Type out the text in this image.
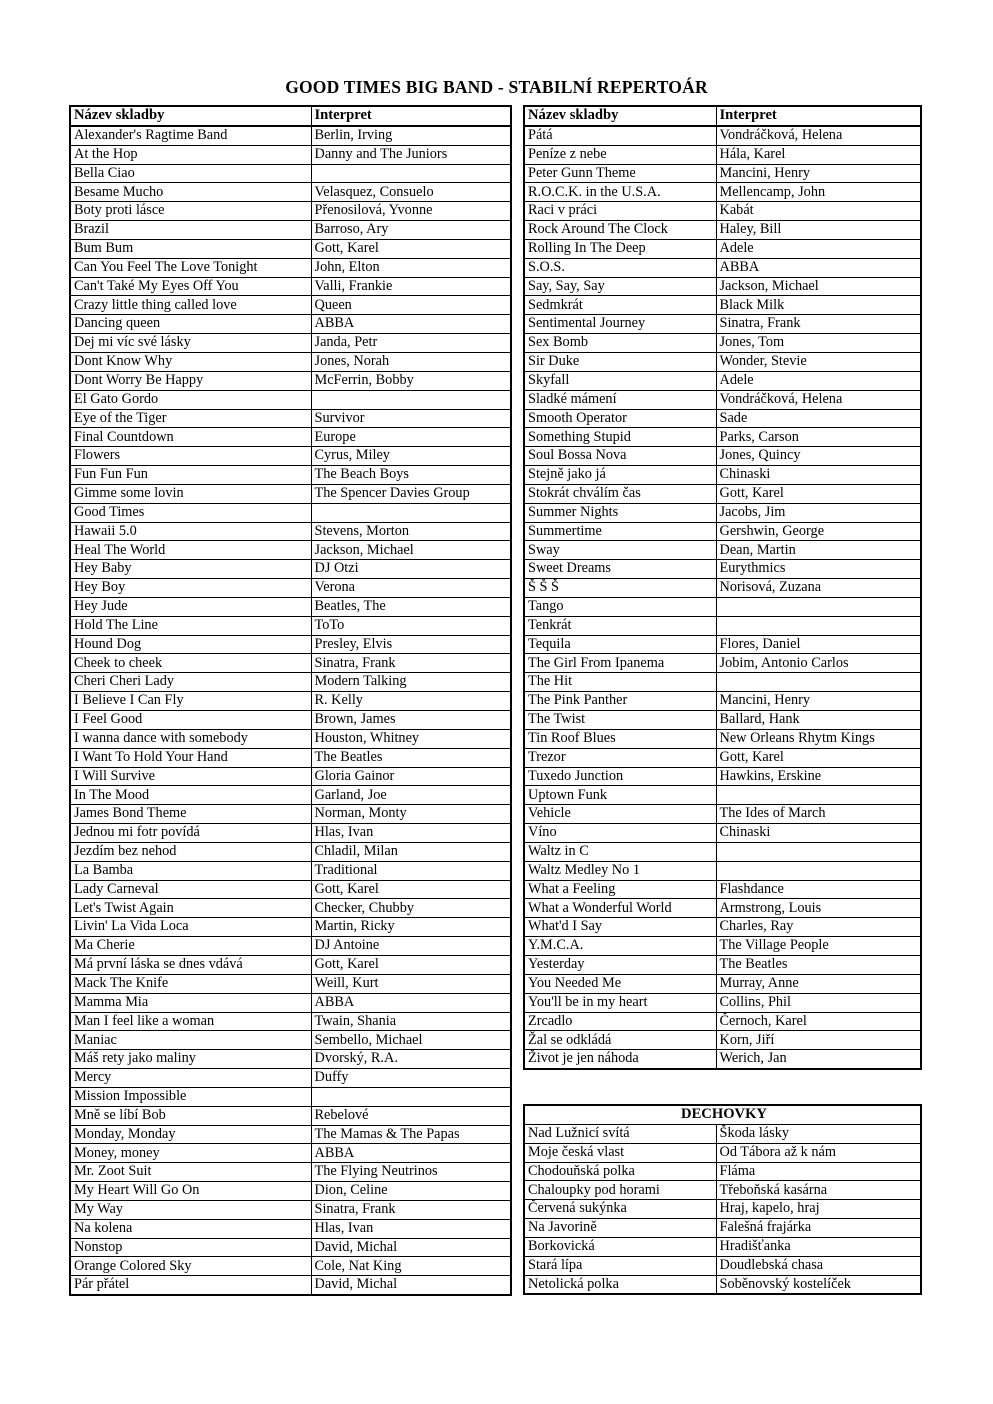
GOOD TIMES BIG BAND - STABILNÍ REPERTOÁR
Název skladby	Interpret
Alexander's Ragtime Band	Berlin, Irving
At the Hop	Danny and The Juniors
Bella Ciao	
Besame Mucho	Velasquez, Consuelo
Boty proti lásce	Přenosilová, Yvonne
Brazil	Barroso, Ary
Bum Bum	Gott, Karel
Can You Feel The Love Tonight	John, Elton
Can't Také My Eyes Off You	Valli, Frankie
Crazy little thing called love	Queen
Dancing queen	ABBA
Dej mi víc své lásky	Janda, Petr
Dont Know Why	Jones, Norah
Dont Worry Be Happy	McFerrin, Bobby
El Gato Gordo	
Eye of the Tiger	Survivor
Final Countdown	Europe
Flowers	Cyrus, Miley
Fun Fun Fun	The Beach Boys
Gimme some lovin	The Spencer Davies Group
Good Times	
Hawaii 5.0	Stevens, Morton
Heal The World	Jackson, Michael
Hey Baby	DJ Otzi
Hey Boy	Verona
Hey Jude	Beatles, The
Hold The Line	ToTo
Hound Dog	Presley, Elvis
Cheek to cheek	Sinatra, Frank
Cheri Cheri Lady	Modern Talking
I Believe I Can Fly	R. Kelly
I Feel Good	Brown, James
I wanna dance with somebody	Houston, Whitney
I Want To Hold Your Hand	The Beatles
I Will Survive	Gloria Gainor
In The Mood	Garland, Joe
James Bond Theme	Norman, Monty
Jednou mi fotr povídá	Hlas, Ivan
Jezdím bez nehod	Chladil, Milan
La Bamba	Traditional
Lady Carneval	Gott, Karel
Let's Twist Again	Checker, Chubby
Livin' La Vida Loca	Martin, Ricky
Ma Cherie	DJ Antoine
Má první láska se dnes vdává	Gott, Karel
Mack The Knife	Weill, Kurt
Mamma Mia	ABBA
Man I feel like a woman	Twain, Shania
Maniac	Sembello, Michael
Máš rety jako maliny	Dvorský, R.A.
Mercy	Duffy
Mission Impossible	
Mně se líbí Bob	Rebelové
Monday, Monday	The Mamas & The Papas
Money, money	ABBA
Mr. Zoot Suit	The Flying Neutrinos
My Heart Will Go On	Dion, Celine
My Way	Sinatra, Frank
Na kolena	Hlas, Ivan
Nonstop	David, Michal
Orange Colored Sky	Cole, Nat King
Pár přátel	David, Michal
Název skladby	Interpret
Pátá	Vondráčková, Helena
Peníze z nebe	Hála, Karel
Peter Gunn Theme	Mancini, Henry
R.O.C.K. in the U.S.A.	Mellencamp, John
Raci v práci	Kabát
Rock Around The Clock	Haley, Bill
Rolling In The Deep	Adele
S.O.S.	ABBA
Say, Say, Say	Jackson, Michael
Sedmkrát	Black Milk
Sentimental Journey	Sinatra, Frank
Sex Bomb	Jones, Tom
Sir Duke	Wonder, Stevie
Skyfall	Adele
Sladké mámení	Vondráčková, Helena
Smooth Operator	Sade
Something Stupid	Parks, Carson
Soul Bossa Nova	Jones, Quincy
Stejně jako já	Chinaski
Stokrát chválím čas	Gott, Karel
Summer Nights	Jacobs, Jim
Summertime	Gershwin, George
Sway	Dean, Martin
Sweet Dreams	Eurythmics
Š Š Š	Norisová, Zuzana
Tango	
Tenkrát	
Tequila	Flores, Daniel
The Girl From Ipanema	Jobim, Antonio Carlos
The Hit	
The Pink Panther	Mancini, Henry
The Twist	Ballard, Hank
Tin Roof Blues	New Orleans Rhytm Kings
Trezor	Gott, Karel
Tuxedo Junction	Hawkins, Erskine
Uptown Funk	
Vehicle	The Ides of March
Víno	Chinaski
Waltz in C	
Waltz Medley No 1	
What a Feeling	Flashdance
What a Wonderful World	Armstrong, Louis
What'd I Say	Charles, Ray
Y.M.C.A.	The Village People
Yesterday	The Beatles
You Needed Me	Murray, Anne
You'll be in my heart	Collins, Phil
Zrcadlo	Černoch, Karel
Žal se odkládá	Korn, Jiří
Život je jen náhoda	Werich, Jan
DECHOVKY	
Nad Lužnicí svítá	Škoda lásky
Moje česká vlast	Od Tábora až k nám
Chodouňská polka	Fláma
Chaloupky pod horami	Třeboňská kasárna
Červená sukýnka	Hraj, kapelo, hraj
Na Javorině	Falešná frajárka
Borkovická	Hradišťanka
Stará lípa	Doudlebská chasa
Netolická polka	Soběnovský kostelíček
